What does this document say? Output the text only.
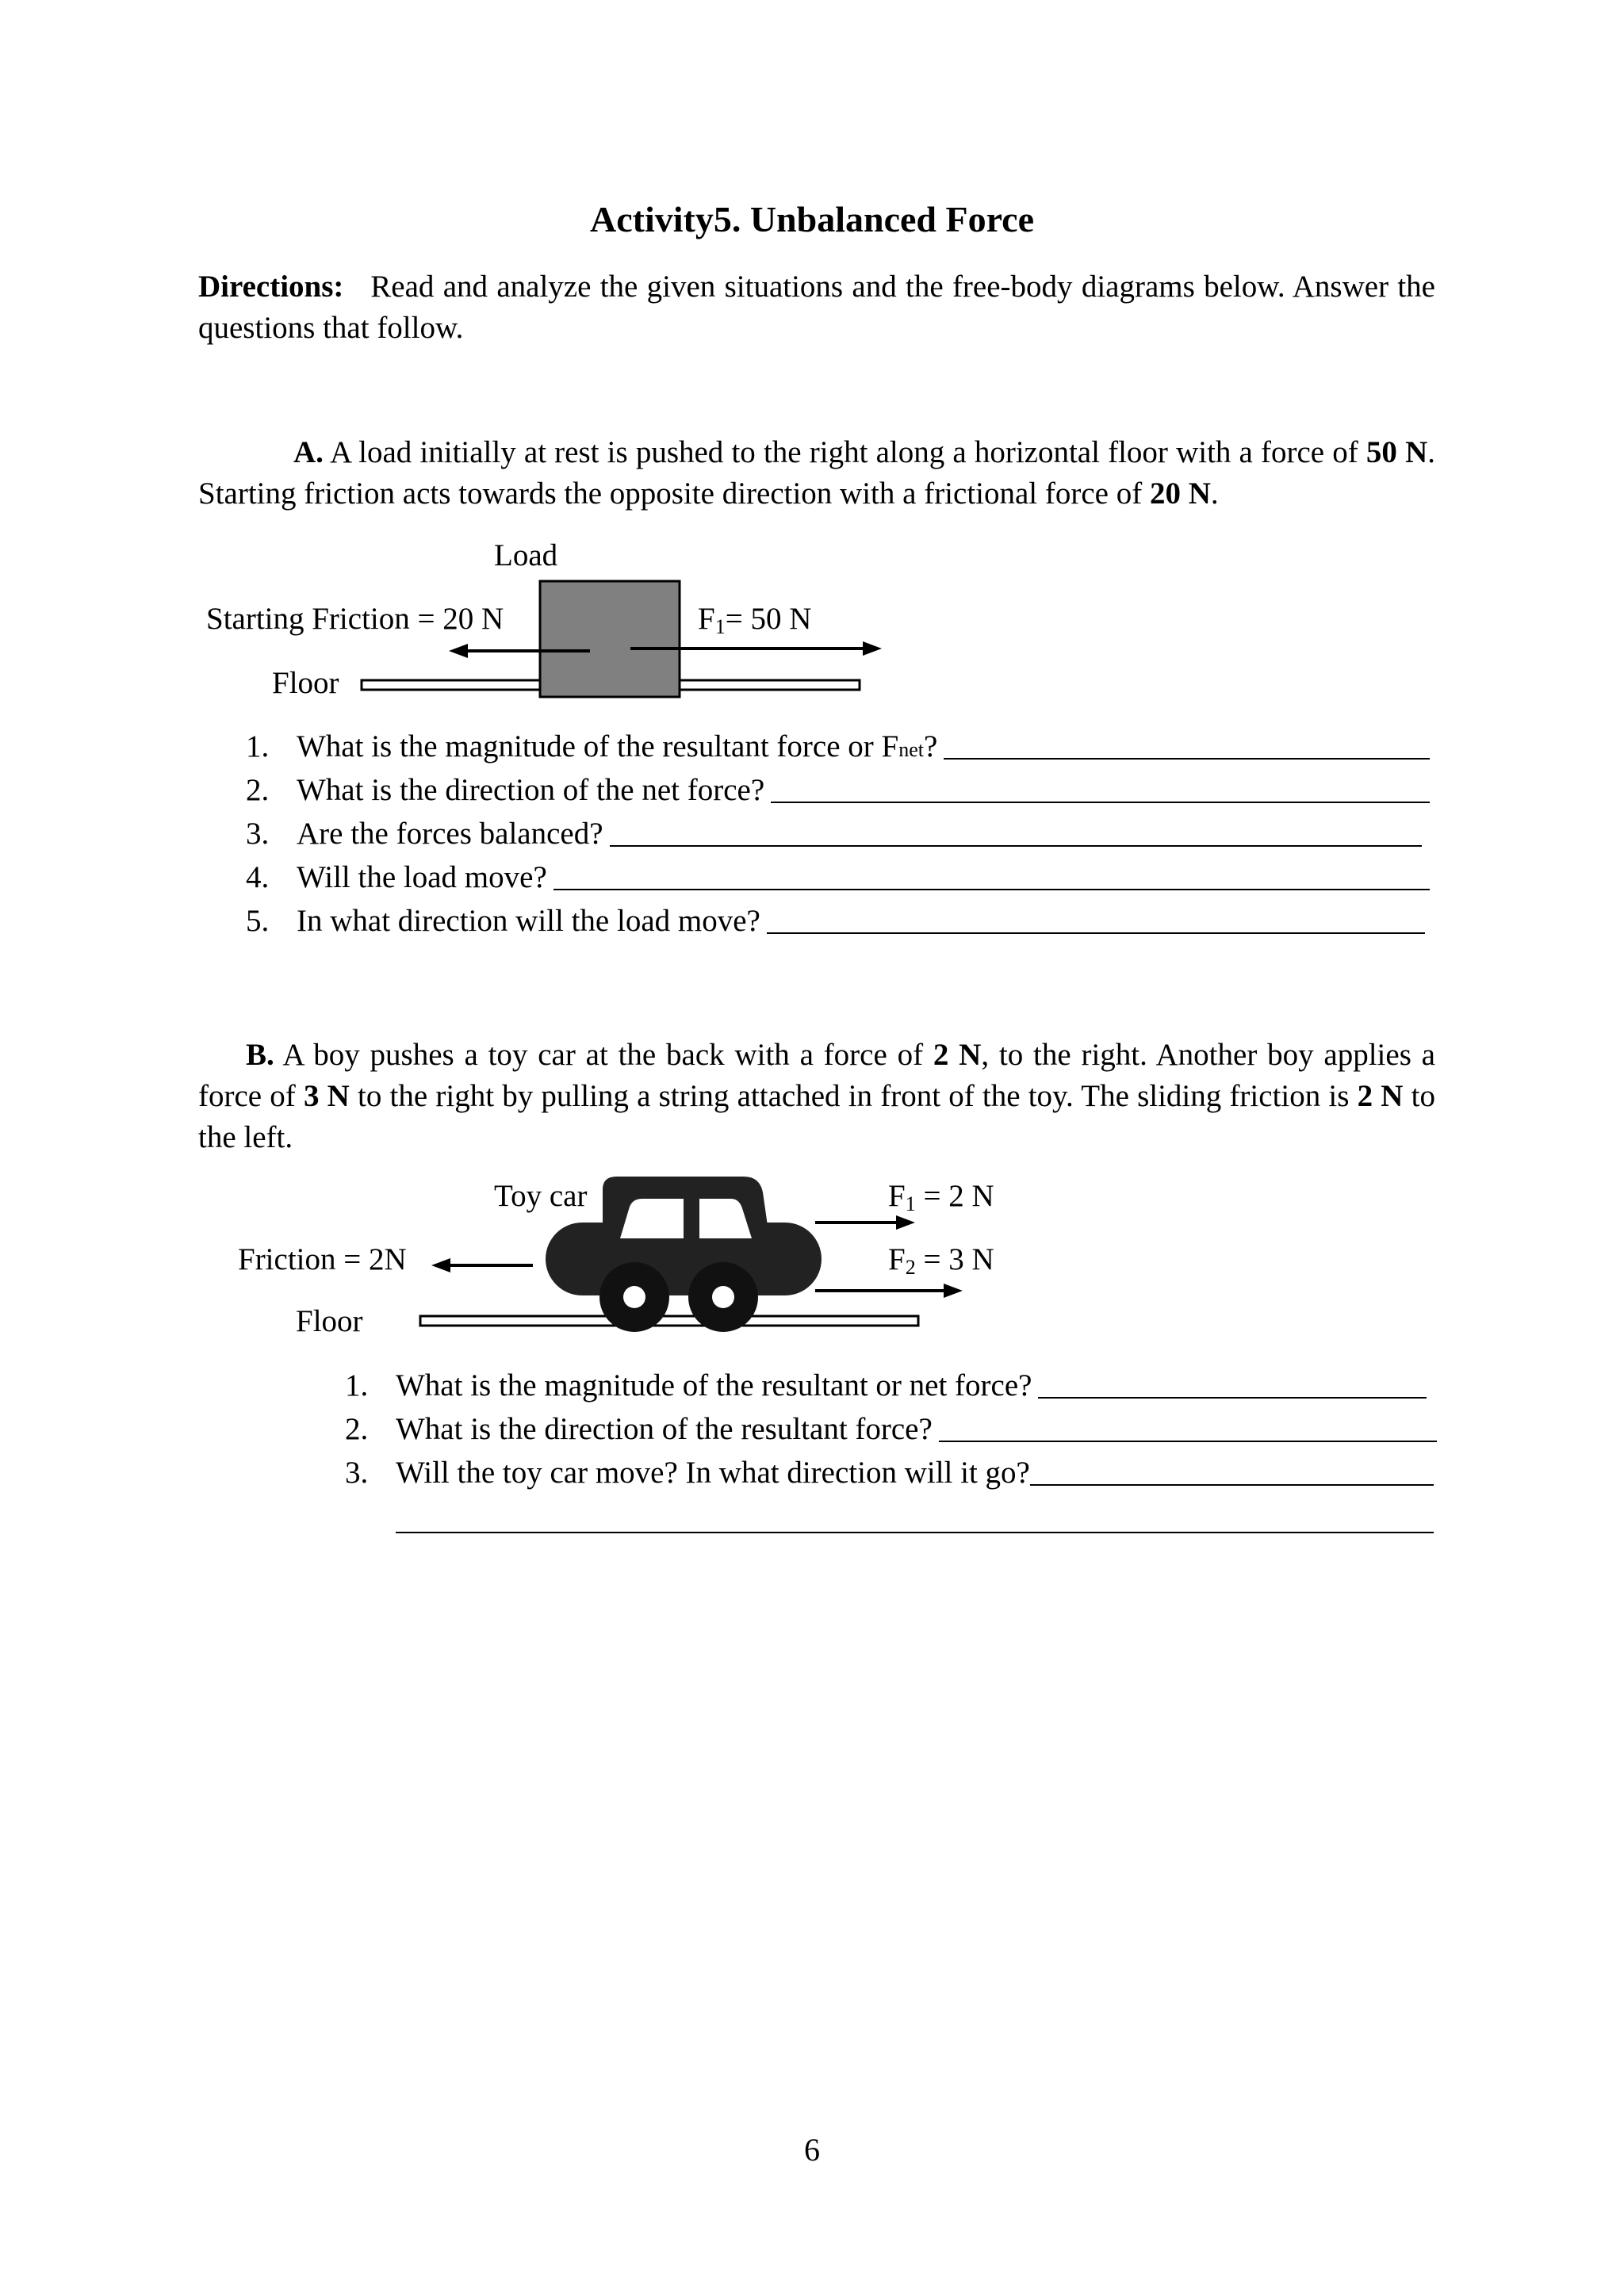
Activity5. Unbalanced Force
Directions: Read and analyze the given situations and the free-body diagrams below. Answer the questions that follow.
A. A load initially at rest is pushed to the right along a horizontal floor with a force of 50 N. Starting friction acts towards the opposite direction with a frictional force of 20 N.
Load
Starting Friction = 20 N	$F_1= 50$ N
Floor
1. What is the magnitude of the resultant force or F net ?
2. What is the direction of the net force?
3. Are the forces balanced?
4. Will the load move?
5. In what direction will the load move?
B. A boy pushes a toy car at the back with a force of 2 N, to the right. Another boy applies a force of 3 N to the right by pulling a string attached in front of the toy. The sliding friction is 2 N to the left.
Toy car	$F_1 = 2$ N
$F_2 = 3$ N
Friction = 2N
Floor
1. What is the magnitude of the resultant or net force?
2. What is the direction of the resultant force?
3. Will the toy car move? In what direction will it go?
6
